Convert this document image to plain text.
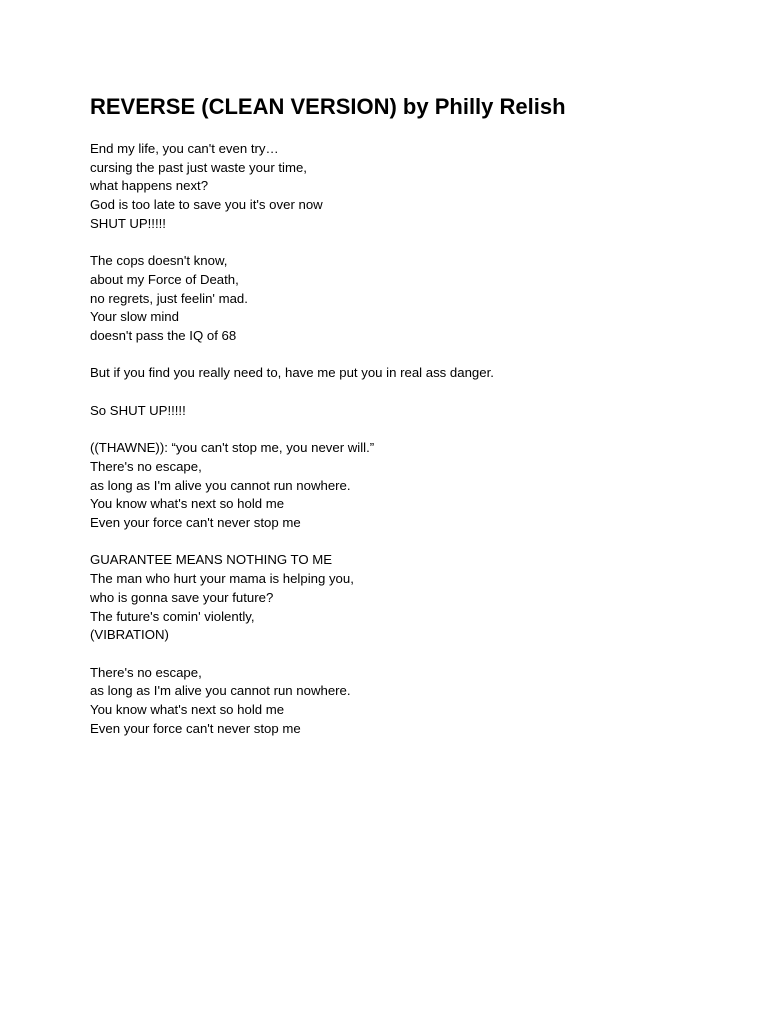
REVERSE (CLEAN VERSION) by Philly Relish
End my life, you can't even try…
cursing the past just waste your time,
what happens next?
God is too late to save you it's over now
SHUT UP!!!!!
The cops doesn't know,
about my Force of Death,
no regrets, just feelin' mad.
Your slow mind
doesn't pass the IQ of 68
But if you find you really need to, have me put you in real ass danger.
So SHUT UP!!!!!
((THAWNE)): “you can't stop me, you never will.”
There's no escape,
as long as I'm alive you cannot run nowhere.
You know what's next so hold me
Even your force can't never stop me
GUARANTEE MEANS NOTHING TO ME
The man who hurt your mama is helping you,
who is gonna save your future?
The future's comin' violently,
(VIBRATION)
There's no escape,
as long as I'm alive you cannot run nowhere.
You know what's next so hold me
Even your force can't never stop me
